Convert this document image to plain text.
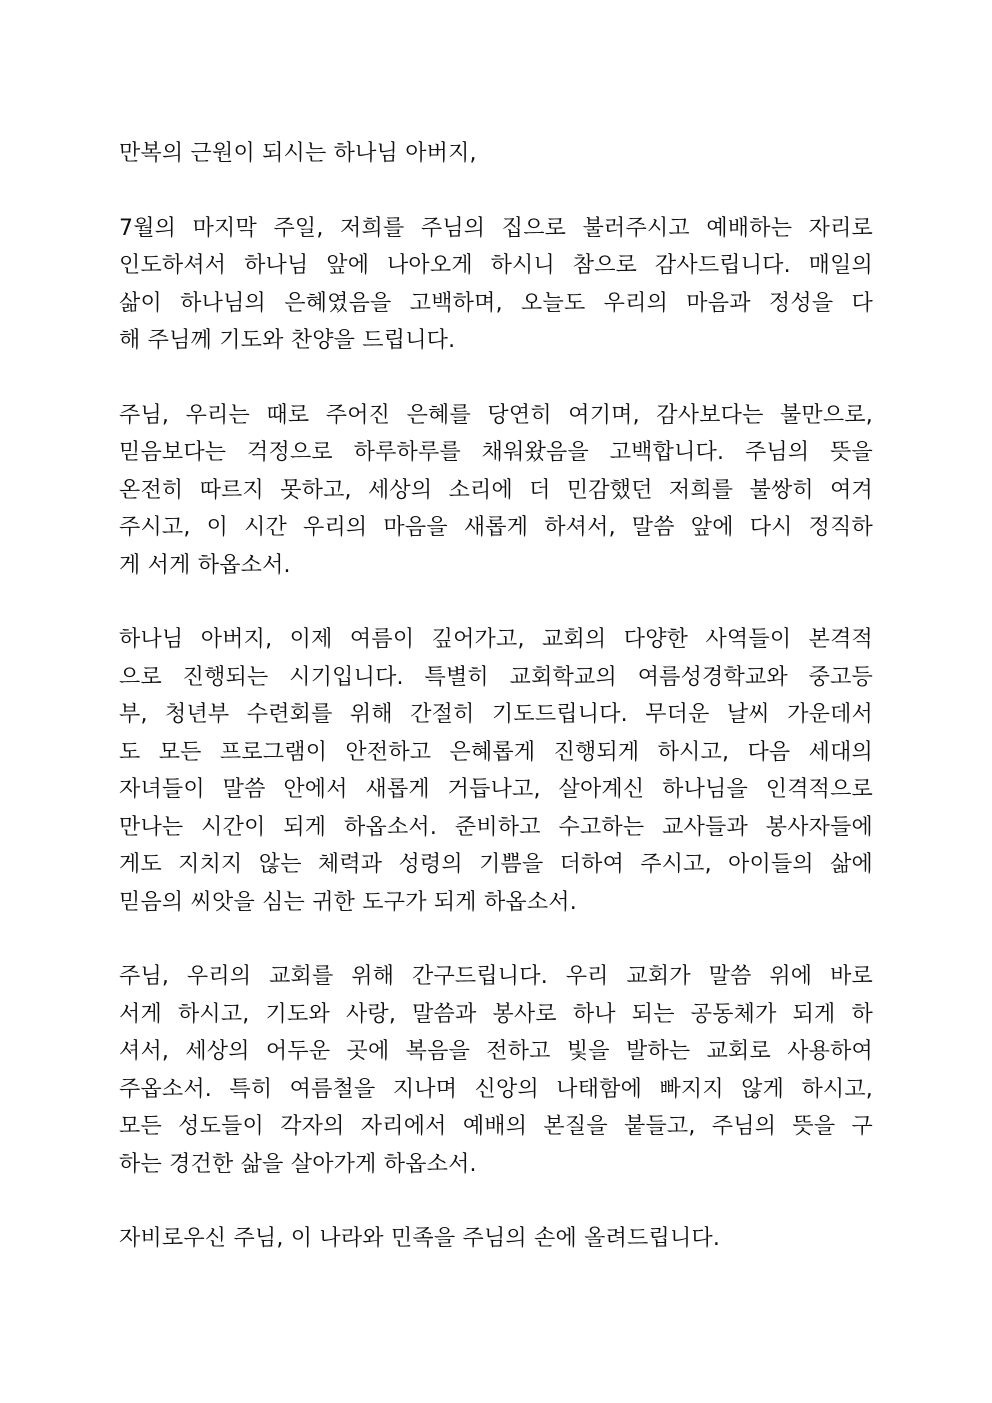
만복의 근원이 되시는 하나님 아버지,

7월의 마지막 주일, 저희를 주님의 집으로 불러주시고 예배하는 자리로
인도하셔서 하나님 앞에 나아오게 하시니 참으로 감사드립니다. 매일의
삶이 하나님의 은혜였음을 고백하며, 오늘도 우리의 마음과 정성을 다
해 주님께 기도와 찬양을 드립니다.

주님, 우리는 때로 주어진 은혜를 당연히 여기며, 감사보다는 불만으로,
믿음보다는 걱정으로 하루하루를 채워왔음을 고백합니다. 주님의 뜻을
온전히 따르지 못하고, 세상의 소리에 더 민감했던 저희를 불쌍히 여겨
주시고, 이 시간 우리의 마음을 새롭게 하셔서, 말씀 앞에 다시 정직하
게 서게 하옵소서.

하나님 아버지, 이제 여름이 깊어가고, 교회의 다양한 사역들이 본격적
으로 진행되는 시기입니다. 특별히 교회학교의 여름성경학교와 중고등
부, 청년부 수련회를 위해 간절히 기도드립니다. 무더운 날씨 가운데서
도 모든 프로그램이 안전하고 은혜롭게 진행되게 하시고, 다음 세대의
자녀들이 말씀 안에서 새롭게 거듭나고, 살아계신 하나님을 인격적으로
만나는 시간이 되게 하옵소서. 준비하고 수고하는 교사들과 봉사자들에
게도 지치지 않는 체력과 성령의 기쁨을 더하여 주시고, 아이들의 삶에
믿음의 씨앗을 심는 귀한 도구가 되게 하옵소서.

주님, 우리의 교회를 위해 간구드립니다. 우리 교회가 말씀 위에 바로
서게 하시고, 기도와 사랑, 말씀과 봉사로 하나 되는 공동체가 되게 하
셔서, 세상의 어두운 곳에 복음을 전하고 빛을 발하는 교회로 사용하여
주옵소서. 특히 여름철을 지나며 신앙의 나태함에 빠지지 않게 하시고,
모든 성도들이 각자의 자리에서 예배의 본질을 붙들고, 주님의 뜻을 구
하는 경건한 삶을 살아가게 하옵소서.

자비로우신 주님, 이 나라와 민족을 주님의 손에 올려드립니다.
